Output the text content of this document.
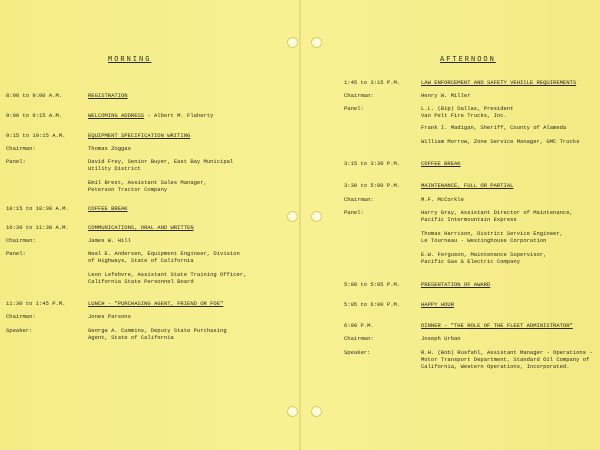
MORNING
8:00 to 9:00 A.M.	REGISTRATION
9:00 to 9:15 A.M.	WELCOMING ADDRESS - Albert M. Flaherty
9:15 to 10:15 A.M.	EQUIPMENT SPECIFICATION WRITING
Chairman:	Thomas Zoggas
Panel:	David Frey, Senior Buyer, East Bay Municipal
Utility District
Emil Brest, Assistant Sales Manager,
Peterson Tractor Company
10:15 to 10:30 A.M.	COFFEE BREAK
10:30 to 11:30 A.M.	COMMUNICATIONS, ORAL AND WRITTEN
Chairman:	James W. Hill
Panel:	Neal E. Andersen, Equipment Engineer, Division
of Highways, State of California
Leon Lefebvre, Assistant State Training Officer,
California State Personnel Board
11:30 to 1:45 P.M.	LUNCH - "PURCHASING AGENT, FRIEND OR FOE"
Chairman:	Jones Parsons
Speaker:	George A. Cummins, Deputy State Purchasing
Agent, State of California
AFTERNOON
1:45 to 3:15 P.M.	LAW ENFORCEMENT AND SAFETY VEHICLE REQUIREMENTS
Chairman:	Henry W. Miller
Panel:	L.L. (Bip) Dallas, President
Van Pelt Fire Trucks, Inc.
Frank I. Madigan, Sheriff, County of Alameda
William Morrow, Zone Service Manager, GMC Trucks
3:15 to 3:30 P.M.	COFFEE BREAK
3:30 to 5:00 P.M.	MAINTENANCE, FULL OR PARTIAL
Chairman:	M.F. McCorkle
Panel:	Harry Gray, Assistant Director of Maintenance,
Pacific Intermountain Express
Thomas Harrison, District Service Engineer,
Le Tourneau - Westinghouse Corporation
E.W. Ferguson, Maintenance Supervisor,
Pacific Gas & Electric Company
5:00 to 5:05 P.M.	PRESENTATION OF AWARD
5:05 to 6:00 P.M.	HAPPY HOUR
6:00 P.M.	DINNER - "THE ROLE OF THE FLEET ADMINISTRATOR"
Chairman:	Joseph Urban
Speaker:	R.H. (Bob) Rusfahl, Assistant Manager - Operations -
Motor Transport Department, Standard Oil Company of
California, Western Operations, Incorporated.
